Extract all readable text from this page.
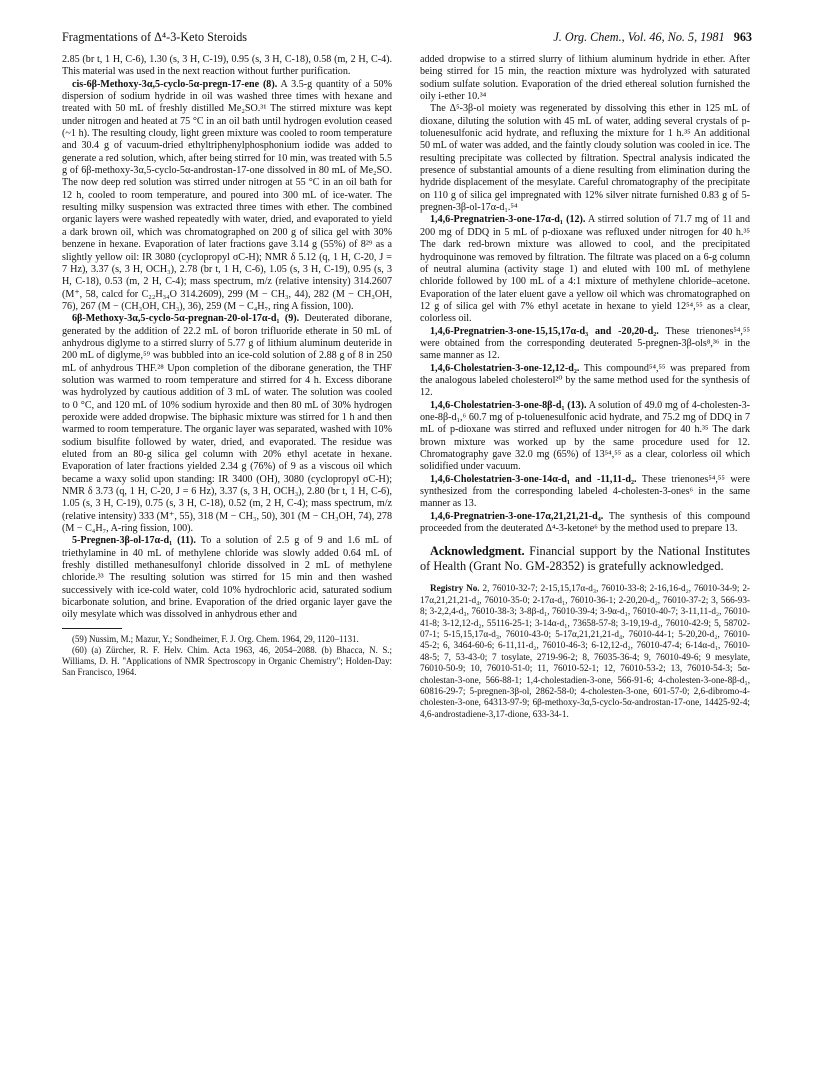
Fragmentations of Δ⁴-3-Keto Steroids	J. Org. Chem., Vol. 46, No. 5, 1981 963

2.85 (br t, 1 H, C-6), 1.30 (s, 3 H, C-19), 0.95 (s, 3 H, C-18), 0.58 (m, 2 H, C-4). This material was used in the next reaction without further purification.

cis-6β-Methoxy-3α,5-cyclo-5α-pregn-17-ene (8). A 3.5-g quantity of a 50% dispersion of sodium hydride in oil was washed three times with hexane and treated with 50 mL of freshly distilled Me₂SO.³¹ The stirred mixture was kept under nitrogen and heated at 75 °C in an oil bath until hydrogen evolution ceased (~1 h). The resulting cloudy, light green mixture was cooled to room temperature and 30.4 g of vacuum-dried ethyltriphenylphosphonium iodide was added to generate a red solution, which, after being stirred for 10 min, was treated with 5.5 g of 6β-methoxy-3α,5-cyclo-5α-androstan-17-one dissolved in 80 mL of Me₂SO. The now deep red solution was stirred under nitrogen at 55 °C in an oil bath for 12 h, cooled to room temperature, and poured into 300 mL of ice-water. The resulting milky suspension was extracted three times with ether. The combined organic layers were washed repeatedly with water, dried, and evaporated to yield a dark brown oil, which was chromatographed on 200 g of silica gel with 30% benzene in hexane. Evaporation of later fractions gave 3.14 g (55%) of 8²⁹ as a slightly yellow oil: IR 3080 (cyclopropyl σC-H); NMR δ 5.12 (q, 1 H, C-20, J = 7 Hz), 3.37 (s, 3 H, OCH₃), 2.78 (br t, 1 H, C-6), 1.05 (s, 3 H, C-19), 0.95 (s, 3 H, C-18), 0.53 (m, 2 H, C-4); mass spectrum, m/z (relative intensity) 314.2607 (M⁺, 58, calcd for C₂₂H₃₄O 314.2609), 299 (M − CH₃, 44), 282 (M − CH₃OH, 76), 267 (M − (CH₃OH, CH₃), 36), 259 (M − C₄H₇, ring A fission, 100).

6β-Methoxy-3α,5-cyclo-5α-pregnan-20-ol-17α-d₁ (9). Deuterated diborane, generated by the addition of 22.2 mL of boron trifluoride etherate in 50 mL of anhydrous diglyme to a stirred slurry of 5.77 g of lithium aluminum deuteride in 200 mL of diglyme,⁵⁹ was bubbled into an ice-cold solution of 2.88 g of 8 in 250 mL of anhydrous THF.²⁸ Upon completion of the diborane generation, the THF solution was warmed to room temperature and stirred for 4 h. Excess diborane was hydrolyzed by cautious addition of 3 mL of water. The solution was cooled to 0 °C, and 120 mL of 10% sodium hyroxide and then 80 mL of 30% hydrogen peroxide were added dropwise. The biphasic mixture was stirred for 1 h and then warmed to room temperature. The organic layer was separated, washed with 10% sodium bisulfite followed by water, dried, and evaporated. The residue was eluted from an 80-g silica gel column with 20% ethyl acetate in hexane. Evaporation of later fractions yielded 2.34 g (76%) of 9 as a viscous oil which became a waxy solid upon standing: IR 3400 (OH), 3080 (cyclopropyl σC-H); NMR δ 3.73 (q, 1 H, C-20, J = 6 Hz), 3.37 (s, 3 H, OCH₃), 2.80 (br t, 1 H, C-6), 1.05 (s, 3 H, C-19), 0.75 (s, 3 H, C-18), 0.52 (m, 2 H, C-4); mass spectrum, m/z (relative intensity) 333 (M⁺, 55), 318 (M − CH₃, 50), 301 (M − CH₃OH, 74), 278 (M − C₄H₇, A-ring fission, 100).

5-Pregnen-3β-ol-17α-d₁ (11). To a solution of 2.5 g of 9 and 1.6 mL of triethylamine in 40 mL of methylene chloride was slowly added 0.64 mL of freshly distilled methanesulfonyl chloride dissolved in 2 mL of methylene chloride.³³ The resulting solution was stirred for 15 min and then washed successively with ice-cold water, cold 10% hydrochloric acid, saturated sodium bicarbonate solution, and brine. Evaporation of the dried organic layer gave the oily mesylate which was dissolved in anhydrous ether and

(59) Nussim, M.; Mazur, Y.; Sondheimer, F. J. Org. Chem. 1964, 29, 1120–1131.

(60) (a) Zürcher, R. F. Helv. Chim. Acta 1963, 46, 2054–2088. (b) Bhacca, N. S.; Williams, D. H. "Applications of NMR Spectroscopy in Organic Chemistry"; Holden-Day: San Francisco, 1964.

added dropwise to a stirred slurry of lithium aluminum hydride in ether. After being stirred for 15 min, the reaction mixture was hydrolyzed with saturated sodium sulfate solution. Evaporation of the dried ethereal solution furnished the oily i-ether 10.³⁴

The Δ⁵-3β-ol moiety was regenerated by dissolving this ether in 125 mL of dioxane, diluting the solution with 45 mL of water, adding several crystals of p-toluenesulfonic acid hydrate, and refluxing the mixture for 1 h.³⁵ An additional 50 mL of water was added, and the faintly cloudy solution was cooled in ice. The resulting precipitate was collected by filtration. Spectral analysis indicated the presence of substantial amounts of a diene resulting from elimination during the hydride displacement of the mesylate. Careful chromatography of the precipitate on 110 g of silica gel impregnated with 12% silver nitrate furnished 0.83 g of 5-pregnen-3β-ol-17α-d₁.⁵⁴

1,4,6-Pregnatrien-3-one-17α-d₁ (12). A stirred solution of 71.7 mg of 11 and 200 mg of DDQ in 5 mL of p-dioxane was refluxed under nitrogen for 40 h.³⁵ The dark red-brown mixture was allowed to cool, and the precipitated hydroquinone was removed by filtration. The filtrate was placed on a 6-g column of neutral alumina (activity stage 1) and eluted with 100 mL of methylene chloride followed by 100 mL of a 4:1 mixture of methylene chloride–acetone. Evaporation of the later eluent gave a yellow oil which was chromatographed on 12 g of silica gel with 7% ethyl acetate in hexane to yield 12⁵⁴,⁵⁵ as a clear, colorless oil.

1,4,6-Pregnatrien-3-one-15,15,17α-d₃ and -20,20-d₂. These trienones⁵⁴,⁵⁵ were obtained from the corresponding deuterated 5-pregnen-3β-ols⁸,³⁶ in the same manner as 12.

1,4,6-Cholestatrien-3-one-12,12-d₂. This compound⁵⁴,⁵⁵ was prepared from the analogous labeled cholesterol²⁰ by the same method used for the synthesis of 12.

1,4,6-Cholestatrien-3-one-8β-d₁ (13). A solution of 49.0 mg of 4-cholesten-3-one-8β-d₁,⁶ 60.7 mg of p-toluenesulfonic acid hydrate, and 75.2 mg of DDQ in 7 mL of p-dioxane was stirred and refluxed under nitrogen for 40 h.³⁵ The dark brown mixture was worked up by the same procedure used for 12. Chromatography gave 32.0 mg (65%) of 13⁵⁴,⁵⁵ as a clear, colorless oil which solidified under vacuum.

1,4,6-Cholestatrien-3-one-14α-d₁ and -11,11-d₂. These trienones⁵⁴,⁵⁵ were synthesized from the corresponding labeled 4-cholesten-3-ones⁶ in the same manner as 13.

1,4,6-Pregnatrien-3-one-17α,21,21,21-d₄. The synthesis of this compound proceeded from the deuterated Δ⁴-3-ketone⁶ by the method used to prepare 13.

Acknowledgment. Financial support by the National Institutes of Health (Grant No. GM-28352) is gratefully acknowledged.

Registry No. 2, 76010-32-7; 2-15,15,17α-d₃, 76010-33-8; 2-16,16-d₂, 76010-34-9; 2-17α,21,21,21-d₄, 76010-35-0; 2-17α-d₁, 76010-36-1; 2-20,20-d₂, 76010-37-2; 3, 566-93-8; 3-2,2,4-d₃, 76010-38-3; 3-8β-d₁, 76010-39-4; 3-9α-d₁, 76010-40-7; 3-11,11-d₂, 76010-41-8; 3-12,12-d₂, 55116-25-1; 3-14α-d₁, 73658-57-8; 3-19,19-d₂, 76010-42-9; 5, 58702-07-1; 5-15,15,17α-d₃, 76010-43-0; 5-17α,21,21,21-d₄, 76010-44-1; 5-20,20-d₂, 76010-45-2; 6, 3464-60-6; 6-11,11-d₂, 76010-46-3; 6-12,12-d₂, 76010-47-4; 6-14α-d₁, 76010-48-5; 7, 53-43-0; 7 tosylate, 2719-96-2; 8, 76035-36-4; 9, 76010-49-6; 9 mesylate, 76010-50-9; 10, 76010-51-0; 11, 76010-52-1; 12, 76010-53-2; 13, 76010-54-3; 5α-cholestan-3-one, 566-88-1; 1,4-cholestadien-3-one, 566-91-6; 4-cholesten-3-one-8β-d₁, 60816-29-7; 5-pregnen-3β-ol, 2862-58-0; 4-cholesten-3-one, 601-57-0; 2,6-dibromo-4-cholesten-3-one, 64313-97-9; 6β-methoxy-3α,5-cyclo-5α-androstan-17-one, 14425-92-4; 4,6-androstadiene-3,17-dione, 633-34-1.
